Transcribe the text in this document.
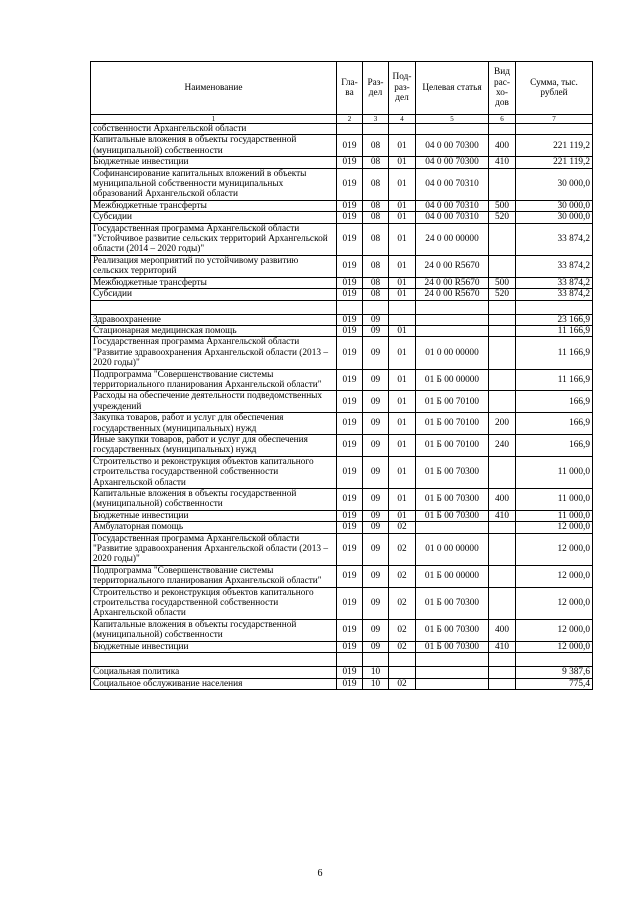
Наименование	Гла-ва	Раз-дел	Под-раз-дел	Целевая статья	Вид рас-хо-дов	Сумма, тыс. рублей
1	2	3	4	5	6	7
собственности Архангельской области						
Капитальные вложения в объекты государственной (муниципальной) собственности	019	08	01	04 0 00 70300	400	221 119,2
Бюджетные инвестиции	019	08	01	04 0 00 70300	410	221 119,2
Софинансирование капитальных вложений в объекты муниципальной собственности муниципальных образований Архангельской области	019	08	01	04 0 00 70310		30 000,0
Межбюджетные трансферты	019	08	01	04 0 00 70310	500	30 000,0
Субсидии	019	08	01	04 0 00 70310	520	30 000,0
Государственная программа Архангельской области "Устойчивое развитие сельских территорий Архангельской области (2014 – 2020 годы)"	019	08	01	24 0 00 00000		33 874,2
Реализация мероприятий по устойчивому развитию сельских территорий	019	08	01	24 0 00 R5670		33 874,2
Межбюджетные трансферты	019	08	01	24 0 00 R5670	500	33 874,2
Субсидии	019	08	01	24 0 00 R5670	520	33 874,2

Здравоохранение	019	09				23 166,9
Стационарная медицинская помощь	019	09	01			11 166,9
Государственная программа Архангельской области "Развитие здравоохранения Архангельской области (2013 – 2020 годы)"	019	09	01	01 0 00 00000		11 166,9
Подпрограмма "Совершенствование системы территориального планирования Архангельской области"	019	09	01	01 Б 00 00000		11 166,9
Расходы на обеспечение деятельности подведомственных учреждений	019	09	01	01 Б 00 70100		166,9
Закупка товаров, работ и услуг для обеспечения государственных (муниципальных) нужд	019	09	01	01 Б 00 70100	200	166,9
Иные закупки товаров, работ и услуг для обеспечения государственных (муниципальных) нужд	019	09	01	01 Б 00 70100	240	166,9
Строительство и реконструкция объектов капитального строительства государственной собственности Архангельской области	019	09	01	01 Б 00 70300		11 000,0
Капитальные вложения в объекты государственной (муниципальной) собственности	019	09	01	01 Б 00 70300	400	11 000,0
Бюджетные инвестиции	019	09	01	01 Б 00 70300	410	11 000,0
Амбулаторная помощь	019	09	02			12 000,0
Государственная программа Архангельской области "Развитие здравоохранения Архангельской области (2013 – 2020 годы)"	019	09	02	01 0 00 00000		12 000,0
Подпрограмма "Совершенствование системы территориального планирования Архангельской области"	019	09	02	01 Б 00 00000		12 000,0
Строительство и реконструкция объектов капитального строительства государственной собственности Архангельской области	019	09	02	01 Б 00 70300		12 000,0
Капитальные вложения в объекты государственной (муниципальной) собственности	019	09	02	01 Б 00 70300	400	12 000,0
Бюджетные инвестиции	019	09	02	01 Б 00 70300	410	12 000,0

Социальная политика	019	10				9 387,6
Социальное обслуживание населения	019	10	02			775,4
6
